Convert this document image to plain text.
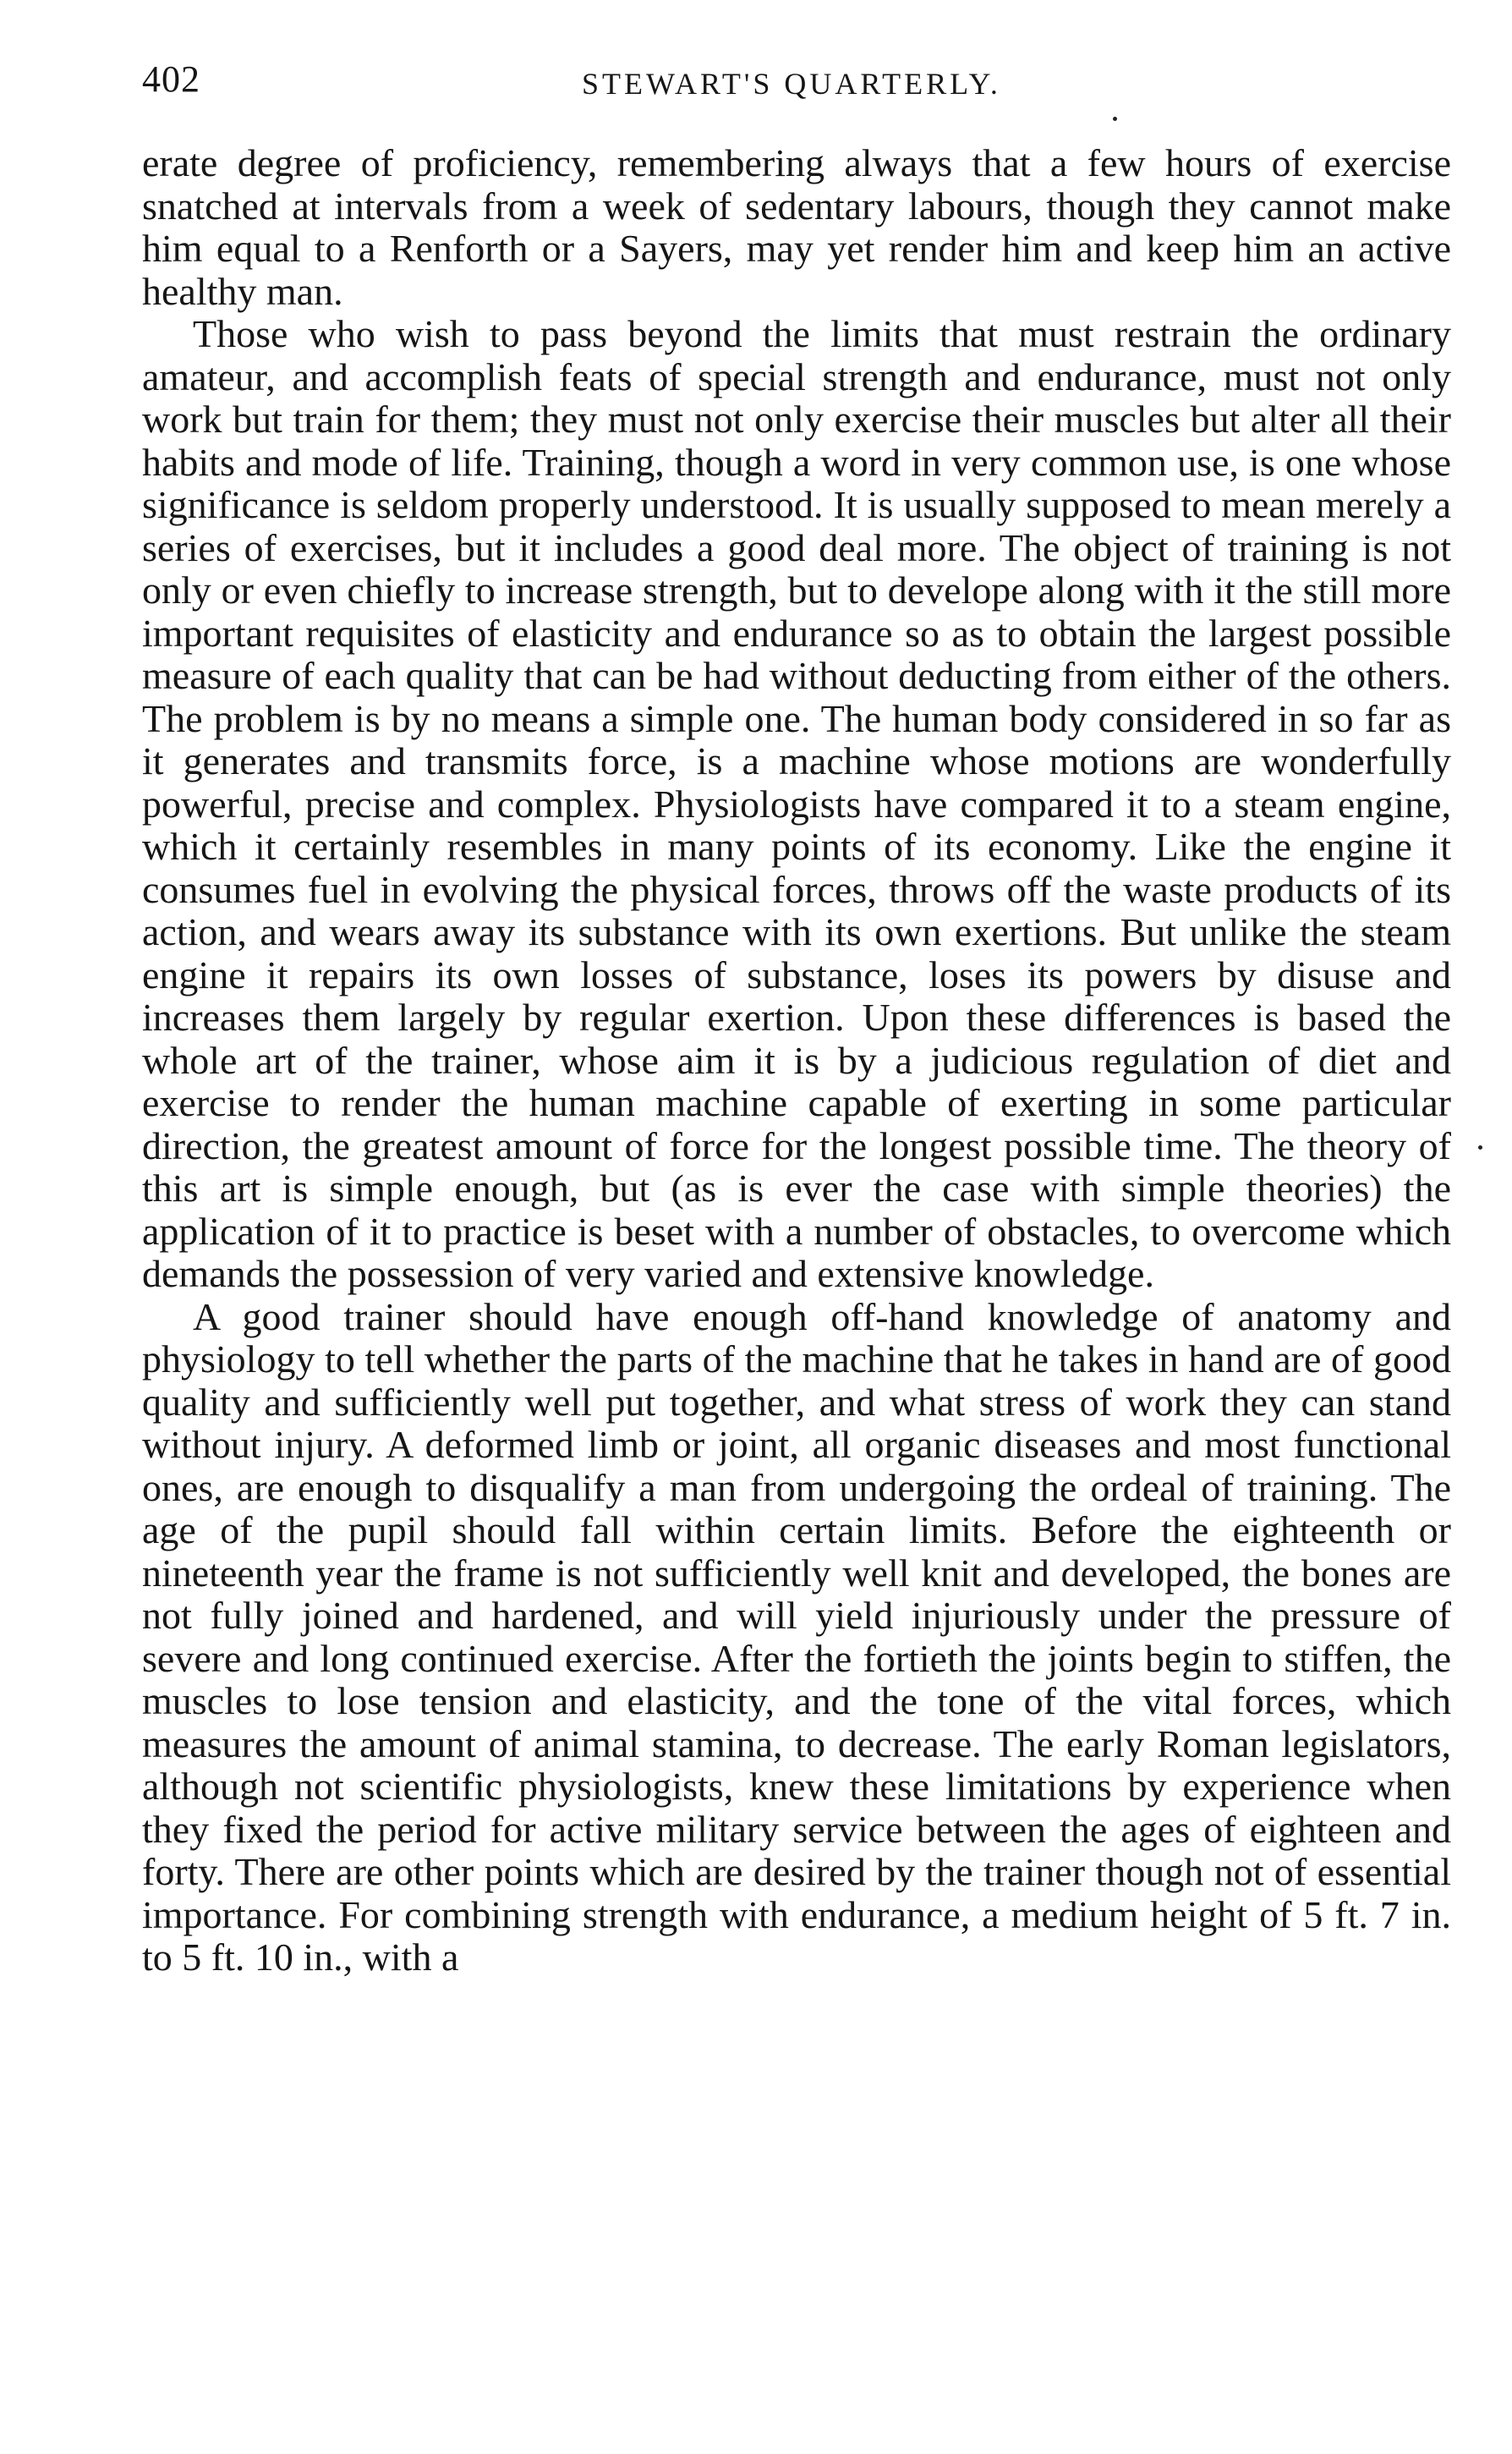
402	STEWART'S QUARTERLY.

erate degree of proficiency, remembering always that a few hours of exercise snatched at intervals from a week of sedentary labours, though they cannot make him equal to a Renforth or a Sayers, may yet render him and keep him an active healthy man.

Those who wish to pass beyond the limits that must restrain the ordinary amateur, and accomplish feats of special strength and endurance, must not only work but train for them; they must not only exercise their muscles but alter all their habits and mode of life. Training, though a word in very common use, is one whose significance is seldom properly understood. It is usually supposed to mean merely a series of exercises, but it includes a good deal more. The object of training is not only or even chiefly to increase strength, but to develope along with it the still more important requisites of elasticity and endurance so as to obtain the largest possible measure of each quality that can be had without deducting from either of the others. The problem is by no means a simple one. The human body considered in so far as it generates and transmits force, is a machine whose motions are wonderfully powerful, precise and complex. Physiologists have compared it to a steam engine, which it certainly resembles in many points of its economy. Like the engine it consumes fuel in evolving the physical forces, throws off the waste products of its action, and wears away its substance with its own exertions. But unlike the steam engine it repairs its own losses of substance, loses its powers by disuse and increases them largely by regular exertion. Upon these differences is based the whole art of the trainer, whose aim it is by a judicious regulation of diet and exercise to render the human machine capable of exerting in some particular direction, the greatest amount of force for the longest possible time. The theory of this art is simple enough, but (as is ever the case with simple theories) the application of it to practice is beset with a number of obstacles, to overcome which demands the possession of very varied and extensive knowledge.

A good trainer should have enough off-hand knowledge of anatomy and physiology to tell whether the parts of the machine that he takes in hand are of good quality and sufficiently well put together, and what stress of work they can stand without injury. A deformed limb or joint, all organic diseases and most functional ones, are enough to disqualify a man from undergoing the ordeal of training. The age of the pupil should fall within certain limits. Before the eighteenth or nineteenth year the frame is not sufficiently well knit and developed, the bones are not fully joined and hardened, and will yield injuriously under the pressure of severe and long continued exercise. After the fortieth the joints begin to stiffen, the muscles to lose tension and elasticity, and the tone of the vital forces, which measures the amount of animal stamina, to decrease. The early Roman legislators, although not scientific physiologists, knew these limitations by experience when they fixed the period for active military service between the ages of eighteen and forty. There are other points which are desired by the trainer though not of essential importance. For combining strength with endurance, a medium height of 5 ft. 7 in. to 5 ft. 10 in., with a
